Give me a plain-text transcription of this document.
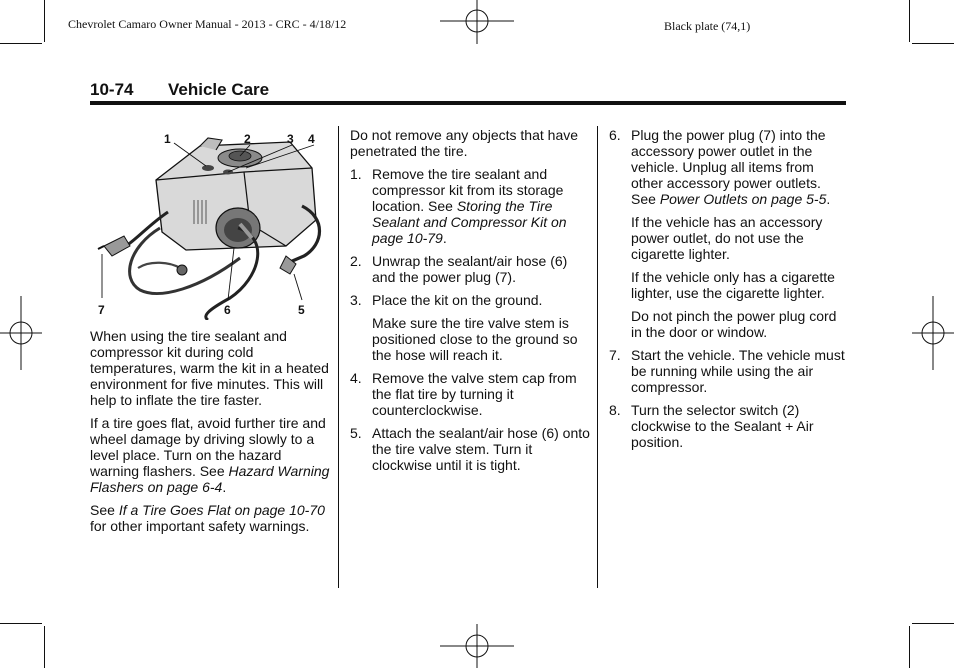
Chevrolet Camaro Owner Manual - 2013 - CRC - 4/18/12	Black plate (74,1)
10-74 Vehicle Care
1	2	3 4
7	6	5

When using the tire sealant and compressor kit during cold temperatures, warm the kit in a heated environment for five minutes. This will help to inflate the tire faster.

If a tire goes flat, avoid further tire and wheel damage by driving slowly to a level place. Turn on the hazard warning flashers. See Hazard Warning Flashers on page 6-4.

See If a Tire Goes Flat on page 10-70 for other important safety warnings.

Do not remove any objects that have penetrated the tire.

1. Remove the tire sealant and compressor kit from its storage location. See Storing the Tire Sealant and Compressor Kit on page 10-79.
2. Unwrap the sealant/air hose (6) and the power plug (7).
3. Place the kit on the ground.
Make sure the tire valve stem is positioned close to the ground so the hose will reach it.
4. Remove the valve stem cap from the flat tire by turning it counterclockwise.
5. Attach the sealant/air hose (6) onto the tire valve stem. Turn it clockwise until it is tight.
6. Plug the power plug (7) into the accessory power outlet in the vehicle. Unplug all items from other accessory power outlets. See Power Outlets on page 5-5.
If the vehicle has an accessory power outlet, do not use the cigarette lighter.
If the vehicle only has a cigarette lighter, use the cigarette lighter.
Do not pinch the power plug cord in the door or window.
7. Start the vehicle. The vehicle must be running while using the air compressor.
8. Turn the selector switch (2) clockwise to the Sealant + Air position.
